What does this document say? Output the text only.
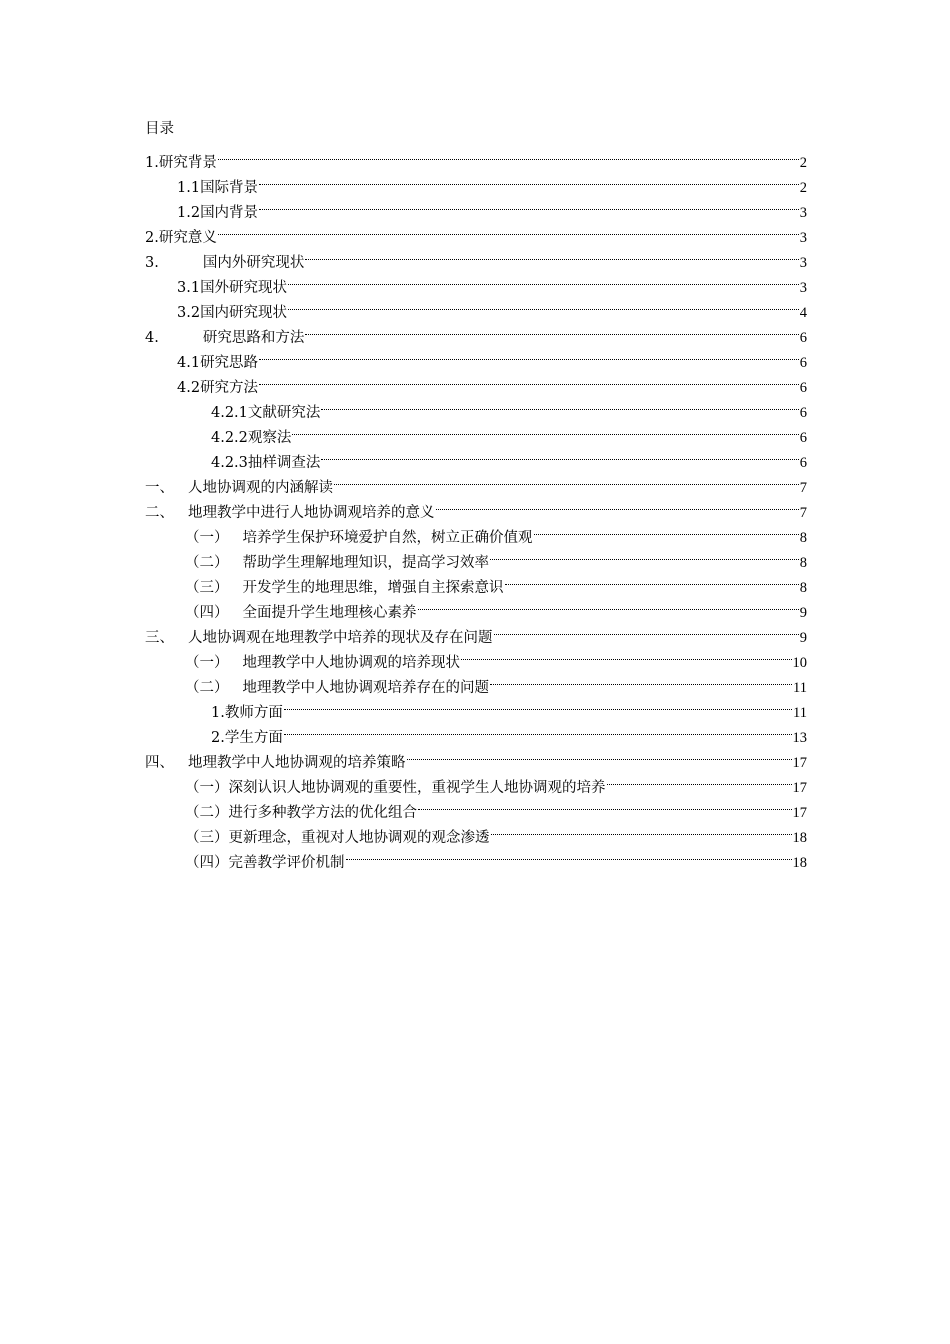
目录
1. 研究背景	2
1.1 国际背景	2
1.2 国内背景	3
2. 研究意义	3
3.	国内外研究现状	3
3.1 国外研究现状	3
3.2 国内研究现状	4
4.	研究思路和方法	6
4.1 研究思路	6
4.2 研究方法	6
4.2.1 文献研究法	6
4.2.2 观察法	6
4.2.3 抽样调查法	6
一、 人地协调观的内涵解读	7
二、 地理教学中进行人地协调观培养的意义	7
（一） 培养学生保护环境爱护自然，树立正确价值观	8
（二） 帮助学生理解地理知识，提高学习效率	8
（三） 开发学生的地理思维，增强自主探索意识	8
（四） 全面提升学生地理核心素养	9
三、 人地协调观在地理教学中培养的现状及存在问题	9
（一） 地理教学中人地协调观的培养现状	10
（二） 地理教学中人地协调观培养存在的问题	11
1. 教师方面	11
2. 学生方面	13
四、 地理教学中人地协调观的培养策略	17
（一） 深刻认识人地协调观的重要性，重视学生人地协调观的培养	17
（二） 进行多种教学方法的优化组合	17
（三） 更新理念，重视对人地协调观的观念渗透	18
（四） 完善教学评价机制	18
